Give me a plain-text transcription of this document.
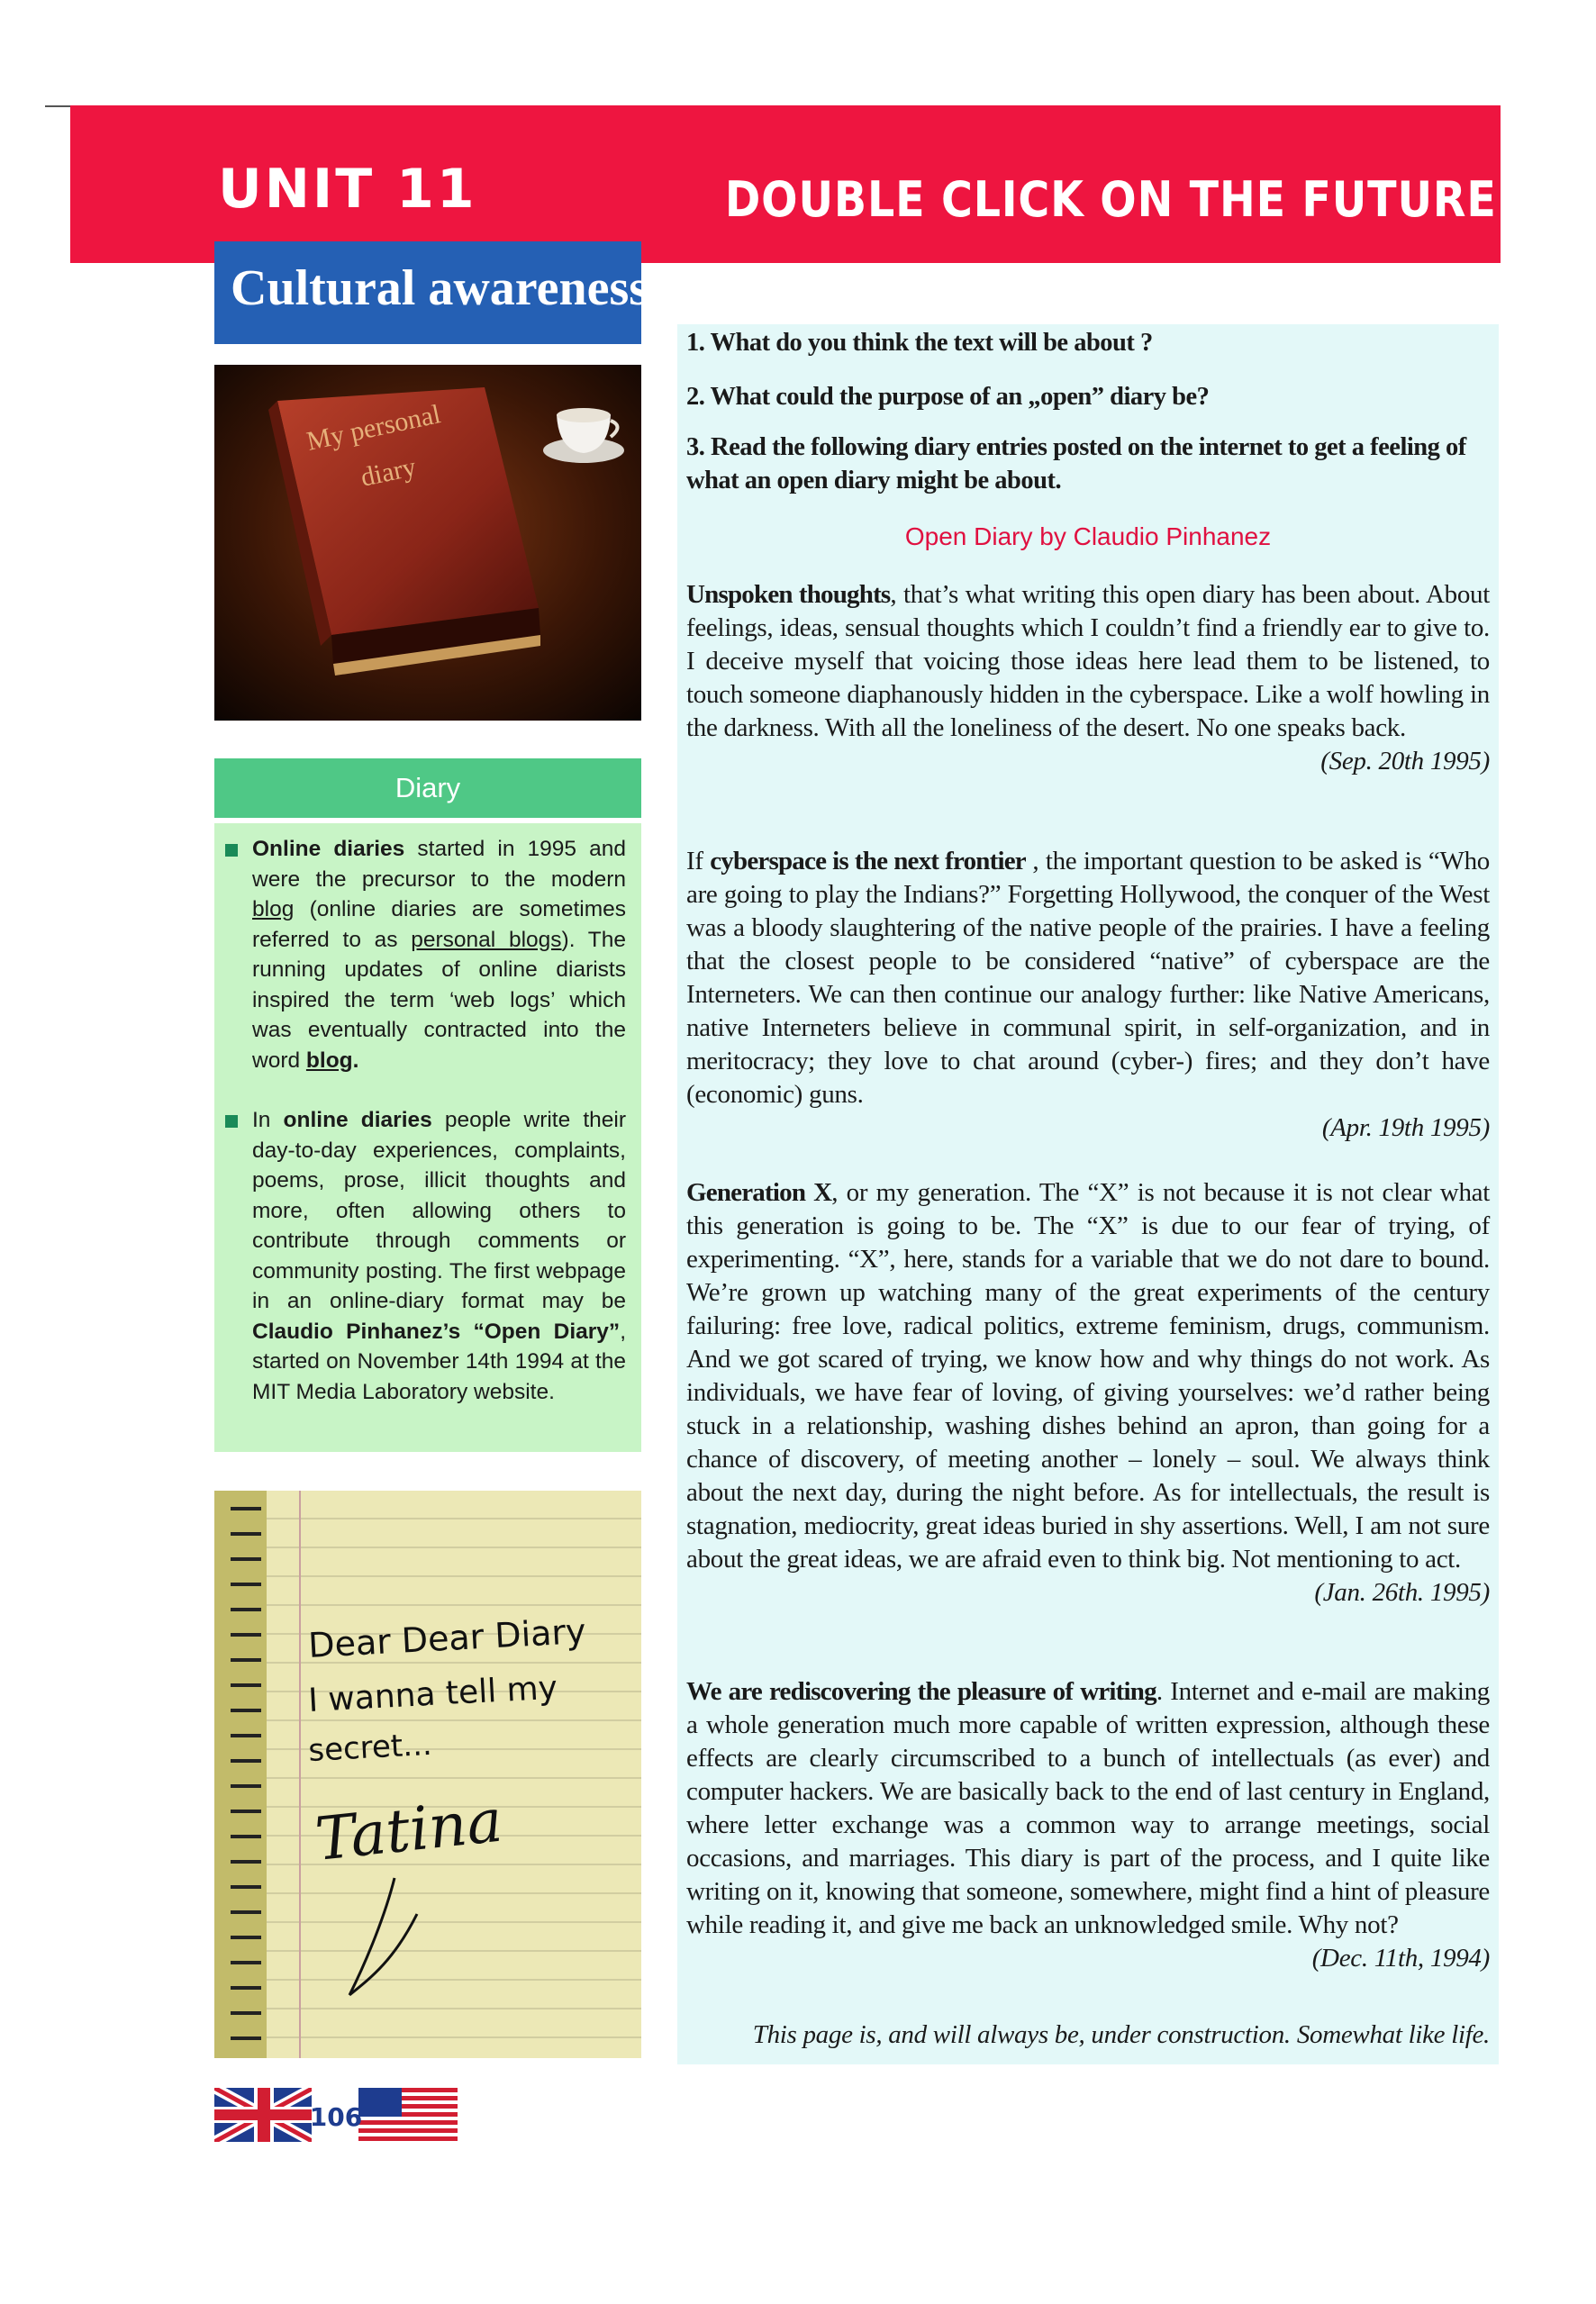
UNIT 11	DOUBLE CLICK ON THE FUTURE
Cultural awareness
My personal
diary
Diary

Online diaries started in 1995 and were the precursor to the modern blog (online diaries are sometimes referred to as personal blogs). The running updates of online diarists inspired the term ‘web logs’ which was eventually contracted into the word blog.

In online diaries people write their day-to-day experiences, complaints, poems, prose, illicit thoughts and more, often allowing others to contribute through comments or community posting. The first webpage in an online-diary format may be Claudio Pinhanez’s “Open Diary”, started on November 14th 1994 at the MIT Media Laboratory website.

Dear Dear Diary
I wanna tell my
secret...
Tatina
106

1. What do you think the text will be about ?

2. What could the purpose of an „open” diary be?

3. Read the following diary entries posted on the internet to get a feeling of what an open diary might be about.

Open Diary by Claudio Pinhanez

Unspoken thoughts, that’s what writing this open diary has been about. About feelings, ideas, sensual thoughts which I couldn’t find a friendly ear to give to. I deceive myself that voicing those ideas here lead them to be listened, to touch someone diaphanously hidden in the cyberspace. Like a wolf howling in the darkness. With all the loneliness of the desert. No one speaks back.

(Sep. 20th 1995)

If cyberspace is the next frontier , the important question to be asked is “Who are going to play the Indians?” Forgetting Hollywood, the conquer of the West was a bloody slaughtering of the native people of the prairies. I have a feeling that the closest people to be considered “native” of cyberspace are the Interneters. We can then continue our analogy further: like Native Americans, native Interneters believe in communal spirit, in self-organization, and in meritocracy; they love to chat around (cyber-) fires; and they don’t have (economic) guns.

(Apr. 19th 1995)

Generation X, or my generation. The “X” is not because it is not clear what this generation is going to be. The “X” is due to our fear of trying, of experimenting. “X”, here, stands for a variable that we do not dare to bound. We’re grown up watching many of the great experiments of the century failuring: free love, radical politics, extreme feminism, drugs, communism. And we got scared of trying, we know how and why things do not work. As individuals, we have fear of loving, of giving yourselves: we’d rather being stuck in a relationship, washing dishes behind an apron, than going for a chance of discovery, of meeting another – lonely – soul. We always think about the next day, during the night before. As for intellectuals, the result is stagnation, mediocrity, great ideas buried in shy assertions. Well, I am not sure about the great ideas, we are afraid even to think big. Not mentioning to act.

(Jan. 26th. 1995)

We are rediscovering the pleasure of writing. Internet and e-mail are making a whole generation much more capable of written expression, although these effects are clearly circumscribed to a bunch of intellectuals (as ever) and computer hackers. We are basically back to the end of last century in England, where letter exchange was a common way to arrange meetings, social occasions, and marriages. This diary is part of the process, and I quite like writing on it, knowing that someone, somewhere, might find a hint of pleasure while reading it, and give me back an unknowledged smile. Why not?

(Dec. 11th, 1994)

This page is, and will always be, under construction. Somewhat like life.
